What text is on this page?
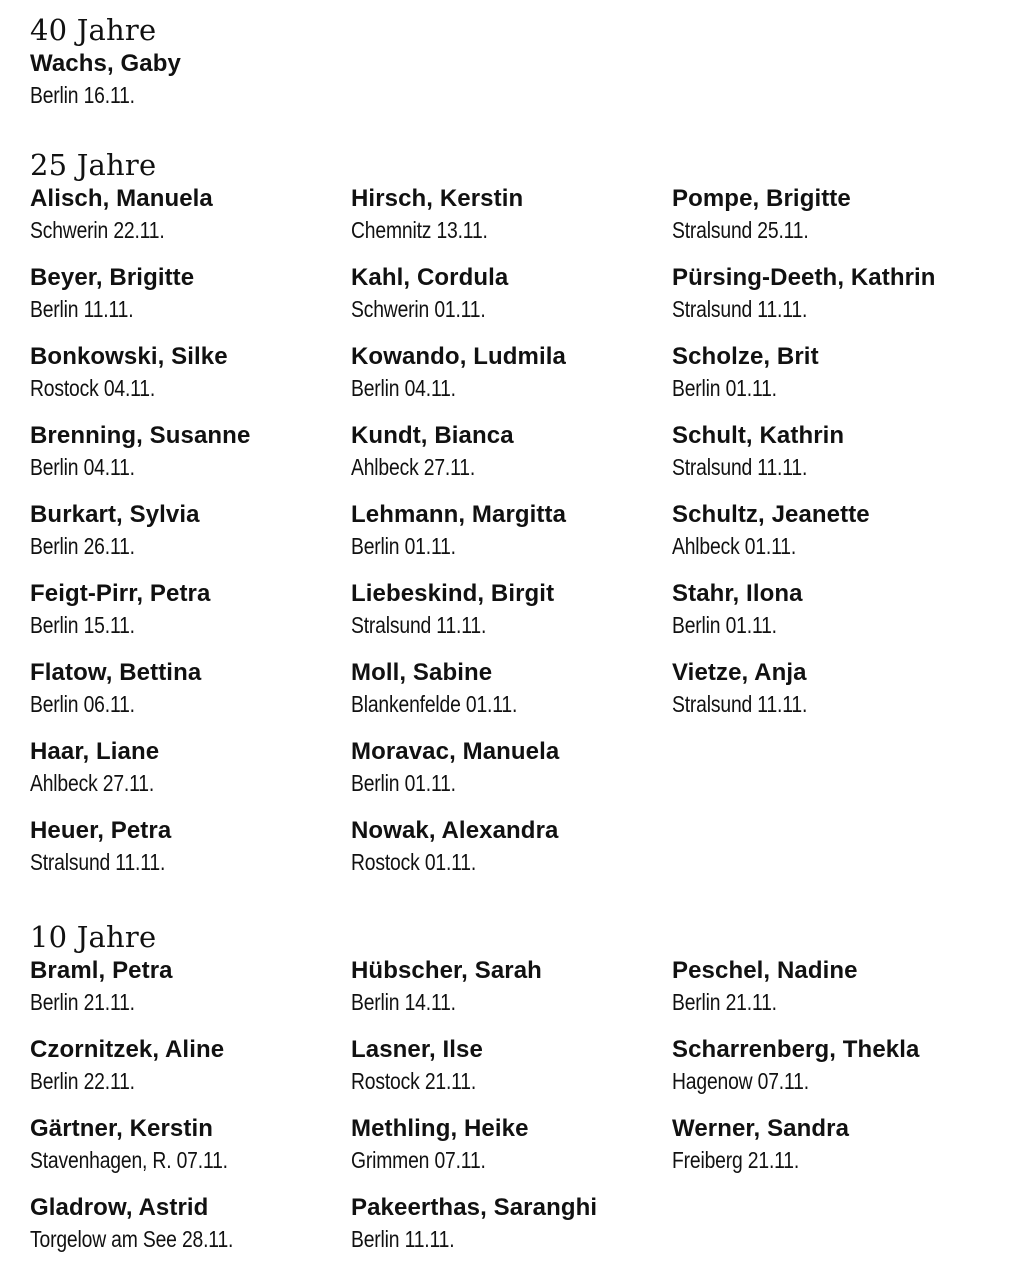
40 Jahre
Wachs, Gaby
Berlin 16.11.
25 Jahre
Alisch, Manuela
Schwerin 22.11.
Beyer, Brigitte
Berlin 11.11.
Bonkowski, Silke
Rostock 04.11.
Brenning, Susanne
Berlin 04.11.
Burkart, Sylvia
Berlin 26.11.
Feigt-Pirr, Petra
Berlin 15.11.
Flatow, Bettina
Berlin 06.11.
Haar, Liane
Ahlbeck 27.11.
Heuer, Petra
Stralsund 11.11.
Hirsch, Kerstin
Chemnitz 13.11.
Kahl, Cordula
Schwerin 01.11.
Kowando, Ludmila
Berlin 04.11.
Kundt, Bianca
Ahlbeck 27.11.
Lehmann, Margitta
Berlin 01.11.
Liebeskind, Birgit
Stralsund 11.11.
Moll, Sabine
Blankenfelde 01.11.
Moravac, Manuela
Berlin 01.11.
Nowak, Alexandra
Rostock 01.11.
Pompe, Brigitte
Stralsund 25.11.
Pürsing-Deeth, Kathrin
Stralsund 11.11.
Scholze, Brit
Berlin 01.11.
Schult, Kathrin
Stralsund 11.11.
Schultz, Jeanette
Ahlbeck 01.11.
Stahr, Ilona
Berlin 01.11.
Vietze, Anja
Stralsund 11.11.
10 Jahre
Braml, Petra
Berlin 21.11.
Czornitzek, Aline
Berlin 22.11.
Gärtner, Kerstin
Stavenhagen, R. 07.11.
Gladrow, Astrid
Torgelow am See 28.11.
Hübscher, Sarah
Berlin 14.11.
Lasner, Ilse
Rostock 21.11.
Methling, Heike
Grimmen 07.11.
Pakeerthas, Saranghi
Berlin 11.11.
Peschel, Nadine
Berlin 21.11.
Scharrenberg, Thekla
Hagenow 07.11.
Werner, Sandra
Freiberg 21.11.
